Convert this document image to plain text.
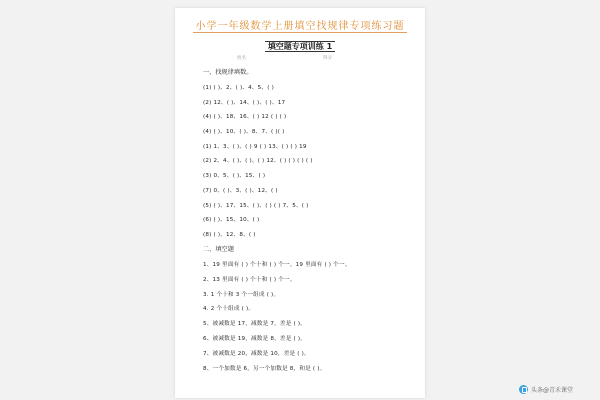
小学一年级数学上册填空找规律专项练习题
填空题专项训练 1
姓名	得分
一、找规律填数。
(1) ( )、2、( )、4、5、( )
(2) 12、( )、14、( )、( )、17
(4) ( )、18、16、( ) 12 ( ) ( )
(4) ( )、10、( )、8、7、( )( )
(1) 1、3、( )、( ) 9 ( ) 13、( ) ( ) 19
(2) 2、4、( )、( )、( ) 12、( ) ( ) ( ) ( )
(3) 0、5、( )、15、( )
(7) 0、( )、3、( )、12、( )
(5) ( )、17、15、( )、( ) ( ) 7、5、( )
(6) ( )、15、10、( )
(8) ( )、12、8、( )
二、填空题
1、19 里面有 ( ) 个十和 ( ) 个一。19 里面有 ( ) 个一。
2、13 里面有 ( ) 个十和 ( ) 个一。
3. 1 个十和 3 个一组成 ( )。
4. 2 个十组成 ( )。
5、被减数是 17，减数是 7，差是 ( )。
6、被减数是 19，减数是 8，差是 ( )。
7、被减数是 20，减数是 10，差是 ( )。
8、一个加数是 6，另一个加数是 8，和是 ( )。
头条@青禾课堂
